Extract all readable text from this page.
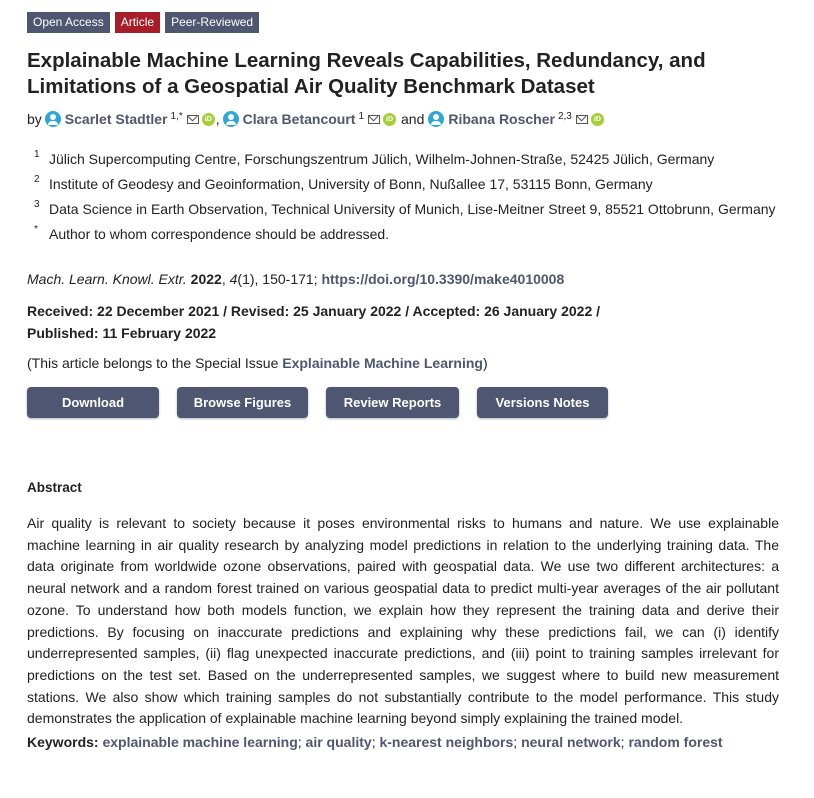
Open Access	Article	Peer-Reviewed
Explainable Machine Learning Reveals Capabilities, Redundancy, and Limitations of a Geospatial Air Quality Benchmark Dataset
by Scarlet Stadtler 1,*	iD , Clara Betancourt 1	iD and Ribana Roscher 2,3	iD
1 Jülich Supercomputing Centre, Forschungszentrum Jülich, Wilhelm-Johnen-Straße, 52425 Jülich, Germany
2 Institute of Geodesy and Geoinformation, University of Bonn, Nußallee 17, 53115 Bonn, Germany
3 Data Science in Earth Observation, Technical University of Munich, Lise-Meitner Street 9, 85521 Ottobrunn, Germany
* Author to whom correspondence should be addressed.
Mach. Learn. Knowl. Extr. 2022, 4(1), 150-171; https://doi.org/10.3390/make4010008
Received: 22 December 2021 / Revised: 25 January 2022 / Accepted: 26 January 2022 /
Published: 11 February 2022
(This article belongs to the Special Issue Explainable Machine Learning)
Download	Browse Figures	Review Reports	Versions Notes
Abstract
Air quality is relevant to society because it poses environmental risks to humans and nature. We use explainable machine learning in air quality research by analyzing model predictions in relation to the underlying training data. The data originate from worldwide ozone observations, paired with geospatial data. We use two different architectures: a neural network and a random forest trained on various geospatial data to predict multi-year averages of the air pollutant ozone. To understand how both models function, we explain how they represent the training data and derive their predictions. By focusing on inaccurate predictions and explaining why these predictions fail, we can (i) identify underrepresented samples, (ii) flag unexpected inaccurate predictions, and (iii) point to training samples irrelevant for predictions on the test set. Based on the underrepresented samples, we suggest where to build new measurement stations. We also show which training samples do not substantially contribute to the model performance. This study demonstrates the application of explainable machine learning beyond simply explaining the trained model.
Keywords: explainable machine learning; air quality; k-nearest neighbors; neural network; random forest
